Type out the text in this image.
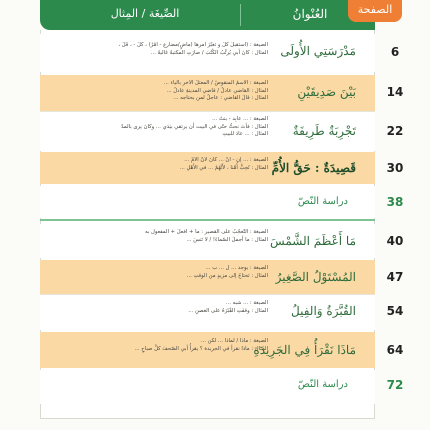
الصِّيغَة / المِثال	العُنْوانُ	الصفحة
الصيغة : (استقبلَ كلٌّ و تغيّرَ أمرها (ماضٍ/مضارع - أَمْرٌ) ، كلٌّ - ، قَلَّ ،
المثال : كانَ أبي يُرتِّبُ الكُتُبَ / صارَتِ المكتبةُ غاليةً ...	مَدْرَسَتِي الأُولَى	6
الصيغة : الاسمُ المنقوصُ / المعتلّ الآخر بالياء ...
المثال : القاضي عادلٌ / قاضي المدينةِ عادلٌ ...
المثال : قالَ القاضي : عاجلٌ لمن يحتاجه ...	بَيْنَ صَدِيقَيْنِ	14
الصيغة : ... عابِد - بنتٌ ...
المثال : فأتَ نحتُّ حتّى في البيت أن يرتقي بيَدَي ... وكانَ يرى بالمدّ
المثال : ... عادَ للبيتِ	تَجْرِبَةٌ طَرِيفَةٌ	22
الصيغة : ... إن - أنْ ... كانَ لأنّ الأمّ ...
المثال : نُحِبُّ أُمَّنا ، لأَنَّهُمْ ... في الأَهْلِ ... قَصِيدَةٌ : حَقُّ الأُمِّ	30
دراسة النّصّ	38
الصيغة : التّعجُّبُ على القصير : ما + أفعلَ + المفعول به
المثال : ما أجملَ السّماءَ! / لا تَنسَ ... مَا أَعْظَمَ الشَّمْسَ	40
الصيغة : يوجد ... ل ... ب ...
المثال : نَحتاجُ إلى مزيدٍ من الوقتِ ... المُسْتَوْلُ الصَّغِيرُ	47
الصيغة : ... شبه ...
المثال : وقفَتِ القُبّرَةُ على الغصنِ ...	القُبَّرَةُ وَالفِيلُ	54
الصيغة : ماذا / لماذا ... لكن ...
المثال : ماذا نقرأ في الجريدة ؟ يقرأُ أبي الصّحفَ كلَّ صباحٍ ...
مَاذَا نَقْرَأُ فِي الجَرِيدَةِ	64
دراسة النّصّ	72
